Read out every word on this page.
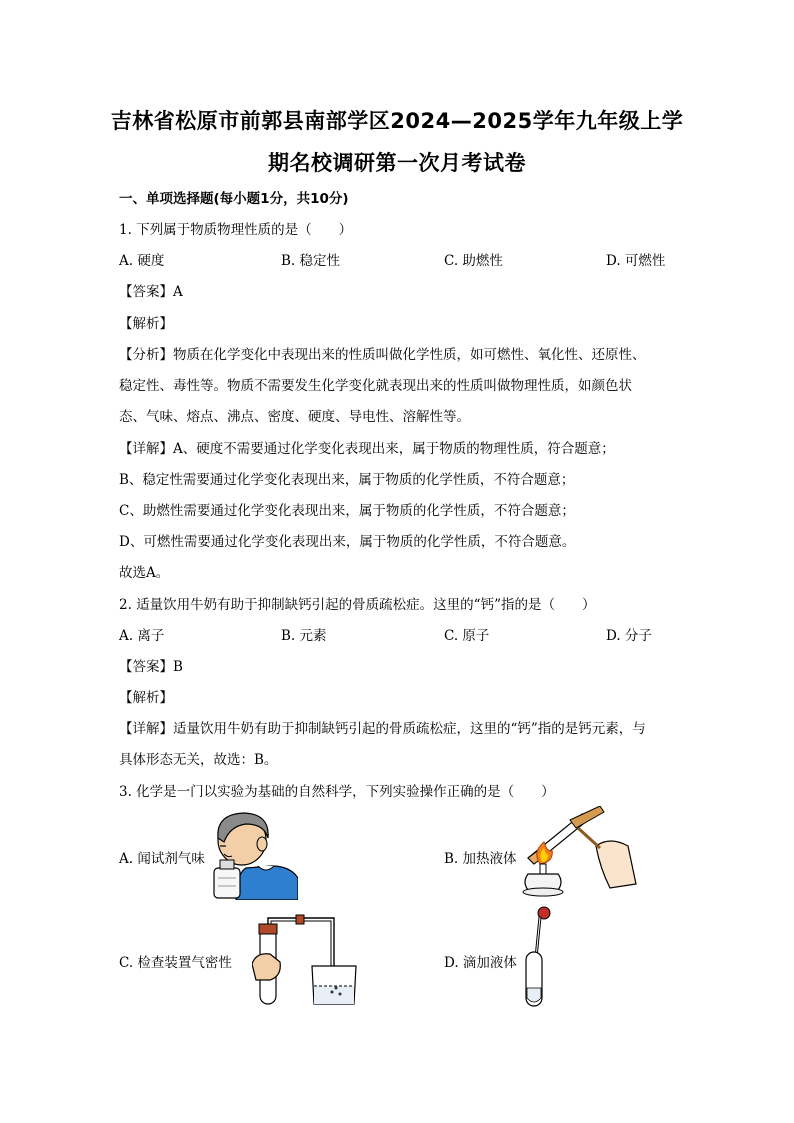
吉林省松原市前郭县南部学区2024—2025学年九年级上学
期名校调研第一次月考试卷
一、单项选择题(每小题1分，共10分)
1. 下列属于物质物理性质的是（　　）
A. 硬度	B. 稳定性	C. 助燃性	D. 可燃性
【答案】A
【解析】
【分析】物质在化学变化中表现出来的性质叫做化学性质，如可燃性、氧化性、还原性、
稳定性、毒性等。物质不需要发生化学变化就表现出来的性质叫做物理性质，如颜色状
态、气味、熔点、沸点、密度、硬度、导电性、溶解性等。
【详解】A、硬度不需要通过化学变化表现出来，属于物质的物理性质，符合题意；
B、稳定性需要通过化学变化表现出来，属于物质的化学性质，不符合题意；
C、助燃性需要通过化学变化表现出来，属于物质的化学性质，不符合题意；
D、可燃性需要通过化学变化表现出来，属于物质的化学性质，不符合题意。
故选A。
2. 适量饮用牛奶有助于抑制缺钙引起的骨质疏松症。这里的“钙”指的是（　　）
A. 离子	B. 元素	C. 原子	D. 分子
【答案】B
【解析】
【详解】适量饮用牛奶有助于抑制缺钙引起的骨质疏松症，这里的“钙”指的是钙元素，与
具体形态无关，故选：B。
3. 化学是一门以实验为基础的自然科学，下列实验操作正确的是（　　）
A. 闻试剂气味	B. 加热液体
C. 检查装置气密性	D. 滴加液体
